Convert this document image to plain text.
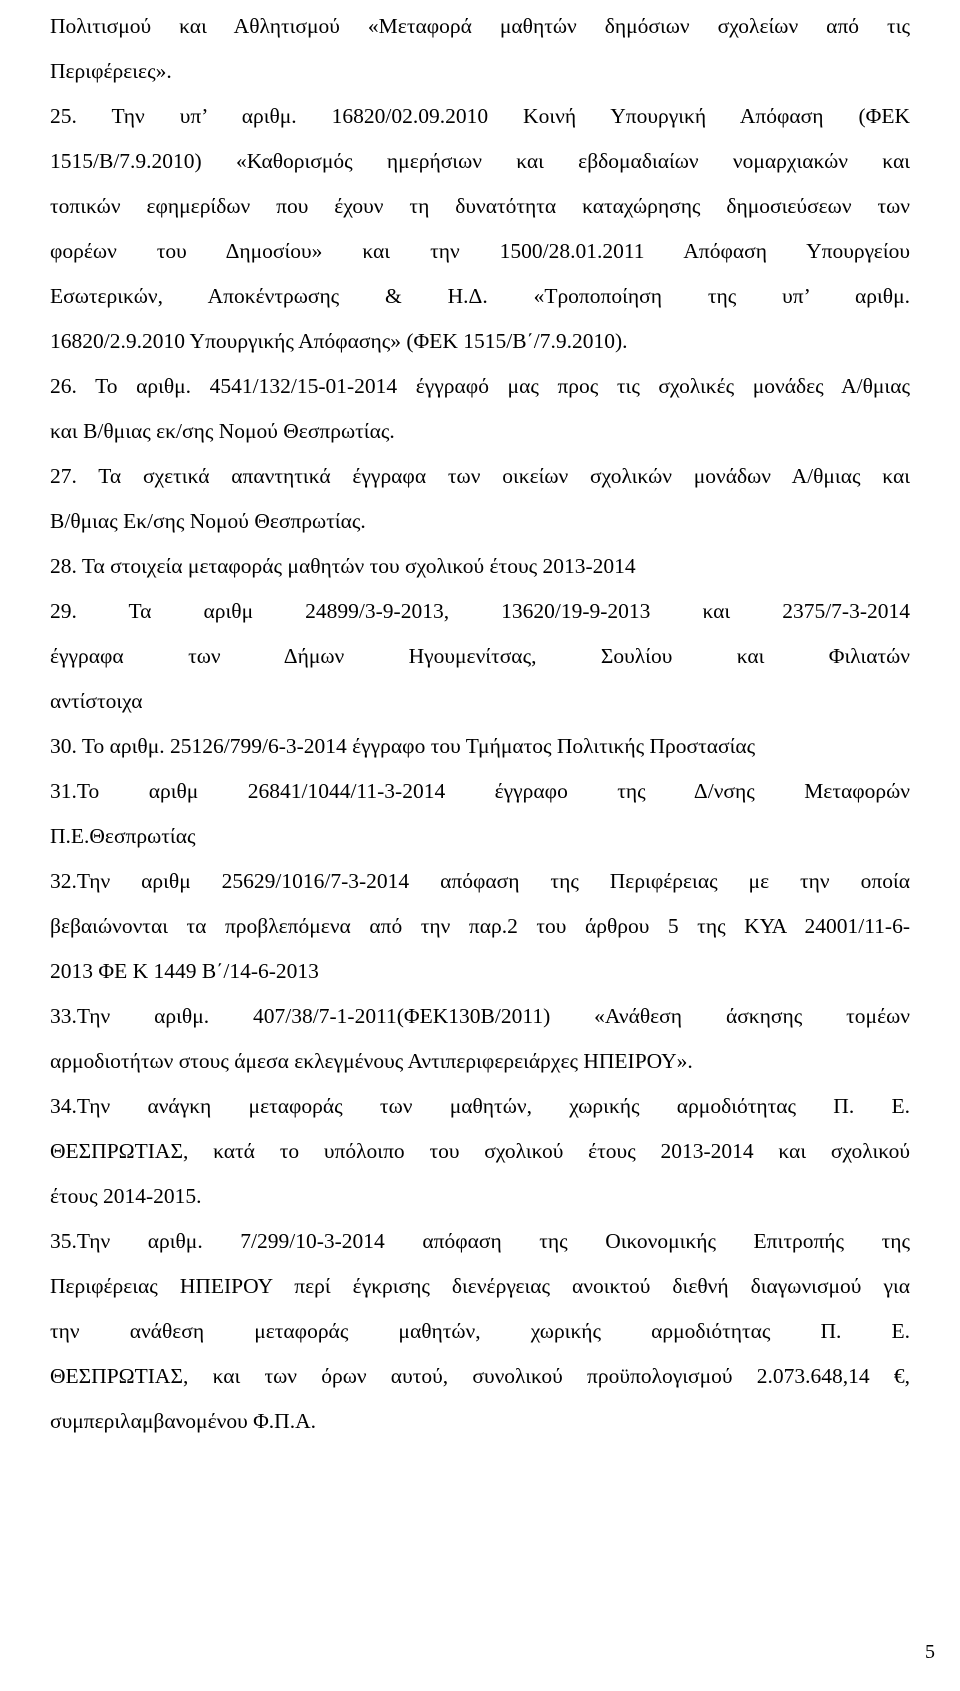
Πολιτισμού και Αθλητισμού «Μεταφορά μαθητών δημόσιων σχολείων από τις
Περιφέρειες».

25. Την υπ’ αριθμ. 16820/02.09.2010 Κοινή Υπουργική Απόφαση (ΦΕΚ
1515/Β/7.9.2010) «Καθορισμός ημερήσιων και εβδομαδιαίων νομαρχιακών και
τοπικών εφημερίδων που έχουν τη δυνατότητα καταχώρησης δημοσιεύσεων των
φορέων του Δημοσίου» και την 1500/28.01.2011 Απόφαση Υπουργείου
Εσωτερικών, Αποκέντρωσης & Η.Δ. «Τροποποίηση της υπ’ αριθμ.
16820/2.9.2010 Υπουργικής Απόφασης» (ΦΕΚ 1515/Β΄/7.9.2010).

26. Το αριθμ. 4541/132/15-01-2014 έγγραφό μας προς τις σχολικές μονάδες Α/θμιας
και Β/θμιας εκ/σης Νομού Θεσπρωτίας.

27. Τα σχετικά απαντητικά έγγραφα των οικείων σχολικών μονάδων Α/θμιας και
Β/θμιας Εκ/σης Νομού Θεσπρωτίας.

28. Τα στοιχεία μεταφοράς μαθητών του σχολικού έτους 2013-2014

29. Τα αριθμ 24899/3-9-2013, 13620/19-9-2013 και 2375/7-3-2014
έγγραφα των Δήμων Ηγουμενίτσας, Σουλίου και Φιλιατών
αντίστοιχα

30. Το αριθμ. 25126/799/6-3-2014 έγγραφο του Τμήματος Πολιτικής Προστασίας

31.Το αριθμ 26841/1044/11-3-2014 έγγραφο της Δ/νσης Μεταφορών
Π.Ε.Θεσπρωτίας

32.Την αριθμ 25629/1016/7-3-2014 απόφαση της Περιφέρειας με την οποία
βεβαιώνονται τα προβλεπόμενα από την παρ.2 του άρθρου 5 της ΚΥΑ 24001/11-6-
2013 ΦΕ Κ 1449 Β΄/14-6-2013

33.Την αριθμ. 407/38/7-1-2011(ΦΕΚ130Β/2011) «Ανάθεση άσκησης τομέων
αρμοδιοτήτων στους άμεσα εκλεγμένους Αντιπεριφερειάρχες ΗΠΕΙΡΟΥ».

34.Την ανάγκη μεταφοράς των μαθητών, χωρικής αρμοδιότητας Π. Ε.
ΘΕΣΠΡΩΤΙΑΣ, κατά το υπόλοιπο του σχολικού έτους 2013-2014 και σχολικού
έτους 2014-2015.

35.Την αριθμ. 7/299/10-3-2014 απόφαση της Οικονομικής Επιτροπής της
Περιφέρειας ΗΠΕΙΡΟΥ περί έγκρισης διενέργειας ανοικτού διεθνή διαγωνισμού για
την ανάθεση μεταφοράς μαθητών, χωρικής αρμοδιότητας Π. Ε.
ΘΕΣΠΡΩΤΙΑΣ, και των όρων αυτού, συνολικού προϋπολογισμού 2.073.648,14 €,
συμπεριλαμβανομένου Φ.Π.Α.

5
